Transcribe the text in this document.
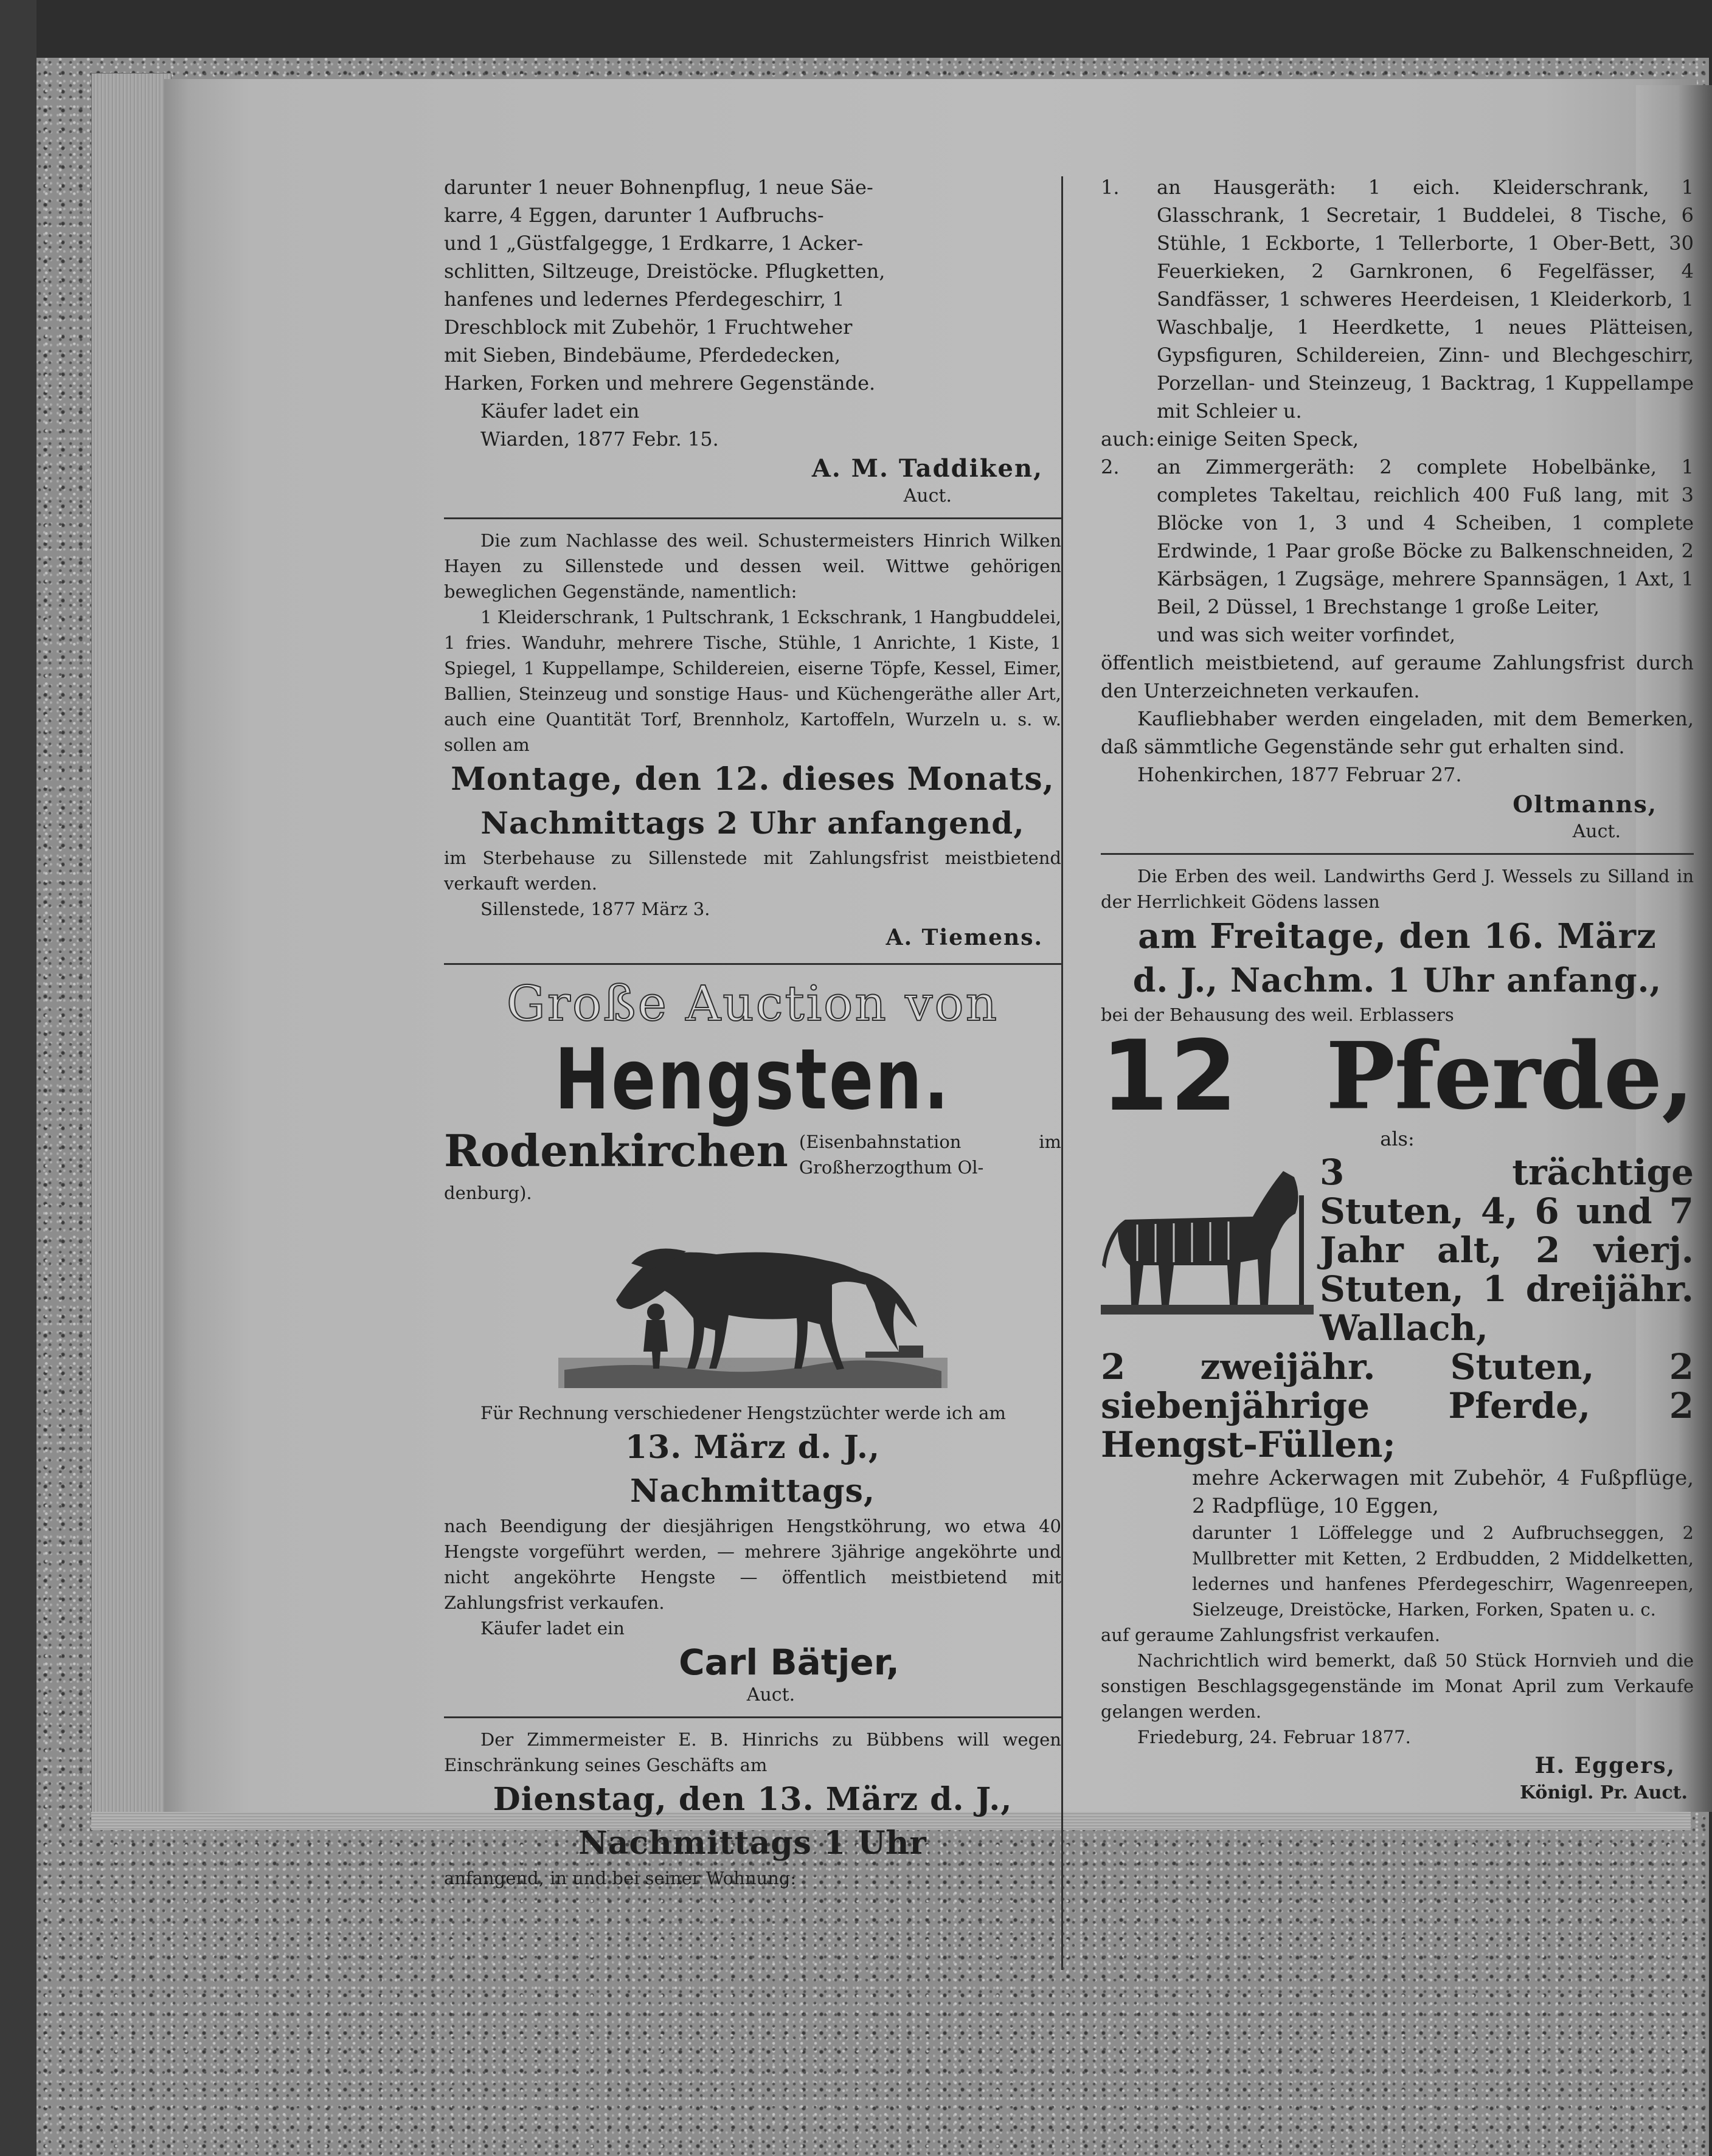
darunter 1 neuer Bohnenpflug, 1 neue Säe-

karre, 4 Eggen, darunter 1 Aufbruchs-

und 1 „Güstfalgegge, 1 Erdkarre, 1 Acker-

schlitten, Siltzeuge, Dreistöcke. Pflugketten,

hanfenes und ledernes Pferdegeschirr, 1

Dreschblock mit Zubehör, 1 Fruchtweher

mit Sieben, Bindebäume, Pferdedecken,

Harken, Forken und mehrere Gegenstände.

Käufer ladet ein

Wiarden, 1877 Febr. 15.

A. M. Taddiken,

Auct.

Die zum Nachlasse des weil. Schustermeisters Hinrich Wilken Hayen zu Sillenstede und dessen weil. Wittwe gehörigen beweglichen Gegenstände, namentlich:

1 Kleiderschrank, 1 Pultschrank, 1 Eckschrank, 1 Hangbuddelei, 1 fries. Wanduhr, mehrere Tische, Stühle, 1 Anrichte, 1 Kiste, 1 Spiegel, 1 Kuppellampe, Schildereien, eiserne Töpfe, Kessel, Eimer, Ballien, Steinzeug und sonstige Haus- und Küchengeräthe aller Art, auch eine Quantität Torf, Brennholz, Kartoffeln, Wurzeln u. s. w. sollen am

Montage, den 12. dieses Monats,

Nachmittags 2 Uhr anfangend,

im Sterbehause zu Sillenstede mit Zahlungsfrist meistbietend verkauft werden.

Sillenstede, 1877 März 3.

A. Tiemens.

Große Auction von

Hengsten.

Rodenkirchen (Eisenbahnstation im Großherzogthum Ol-

denburg).

Für Rechnung verschiedener Hengstzüchter werde ich am

13. März d. J.,

Nachmittags,

nach Beendigung der diesjährigen Hengstköhrung, wo etwa 40 Hengste vorgeführt werden, — mehrere 3jährige angeköhrte und nicht angeköhrte Hengste — öffentlich meistbietend mit Zahlungsfrist verkaufen.

Käufer ladet ein

Carl Bätjer,

Auct.

Der Zimmermeister E. B. Hinrichs zu Bübbens will wegen Einschränkung seines Geschäfts am

Dienstag, den 13. März d. J.,

Nachmittags 1 Uhr

anfangend, in und bei seiner Wohnung:

1.	an Hausgeräth: 1 eich. Kleiderschrank, 1 Glasschrank, 1 Secretair, 1 Buddelei, 8 Tische, 6 Stühle, 1 Eckborte, 1 Tellerborte, 1 Ober-Bett, 30 Feuerkieken, 2 Garnkronen, 6 Fegelfässer, 4 Sandfässer, 1 schweres Heerdeisen, 1 Kleiderkorb, 1 Waschbalje, 1 Heerdkette, 1 neues Plätteisen, Gypsfiguren, Schildereien, Zinn- und Blechgeschirr, Porzellan- und Steinzeug, 1 Backtrag, 1 Kuppellampe mit Schleier u.
auch: einige Seiten Speck,
2.	an Zimmergeräth: 2 complete Hobelbänke, 1 completes Takeltau, reichlich 400 Fuß lang, mit 3 Blöcke von 1, 3 und 4 Scheiben, 1 complete Erdwinde, 1 Paar große Böcke zu Balkenschneiden, 2 Kärbsägen, 1 Zugsäge, mehrere Spannsägen, 1 Axt, 1 Beil, 2 Düssel, 1 Brechstange 1 große Leiter,

und was sich weiter vorfindet,

öffentlich meistbietend, auf geraume Zahlungsfrist durch den Unterzeichneten verkaufen.

Kaufliebhaber werden eingeladen, mit dem Bemerken, daß sämmtliche Gegenstände sehr gut erhalten sind.

Hohenkirchen, 1877 Februar 27.

Oltmanns,

Auct.

Die Erben des weil. Landwirths Gerd J. Wessels zu Silland in der Herrlichkeit Gödens lassen

am Freitage, den 16. März

d. J., Nachm. 1 Uhr anfang.,

bei der Behausung des weil. Erblassers

12 Pferde,

als:

3 trächtige Stuten, 4, 6 und 7 Jahr alt, 2 vierj. Stuten, 1 dreijähr. Wallach,

2 zweijähr. Stuten, 2 siebenjährige Pferde, 2 Hengst-Füllen;

mehre Ackerwagen mit Zubehör, 4 Fußpflüge, 2 Radpflüge, 10 Eggen,

darunter 1 Löffelegge und 2 Aufbruchseggen, 2 Mullbretter mit Ketten, 2 Erdbudden, 2 Middelketten, ledernes und hanfenes Pferdegeschirr, Wagenreepen, Sielzeuge, Dreistöcke, Harken, Forken, Spaten u. c.

auf geraume Zahlungsfrist verkaufen.

Nachrichtlich wird bemerkt, daß 50 Stück Hornvieh und die sonstigen Beschlagsgegenstände im Monat April zum Verkaufe gelangen werden.

Friedeburg, 24. Februar 1877.

H. Eggers,

Königl. Pr. Auct.
